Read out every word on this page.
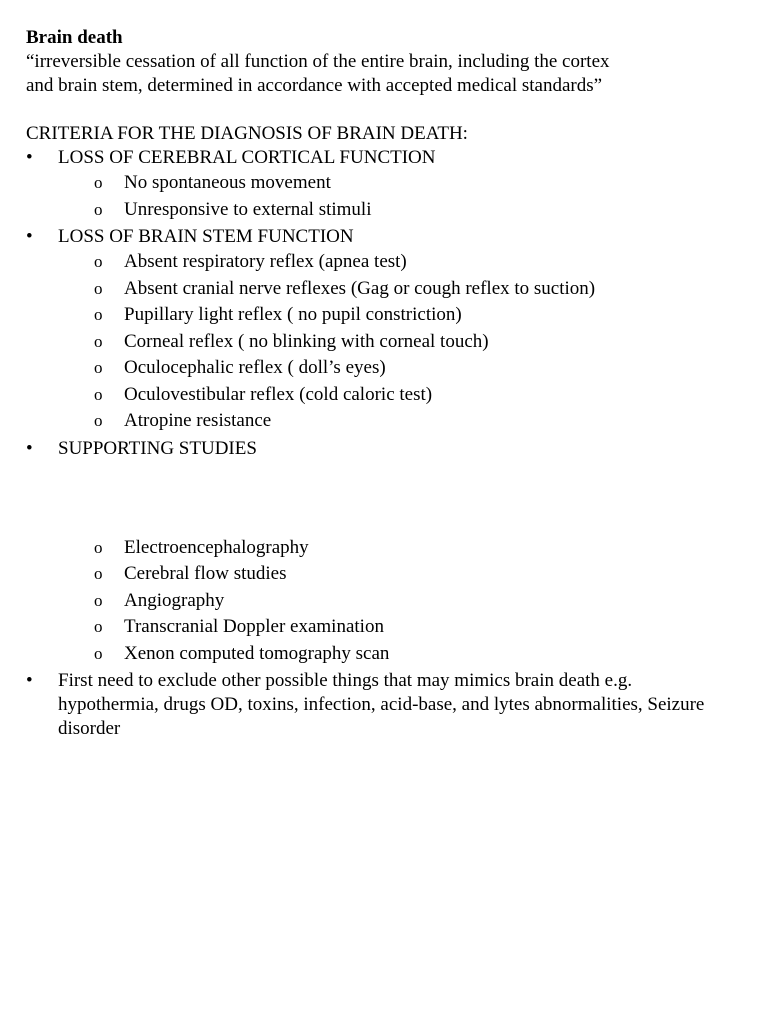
Brain death
“irreversible cessation of all function of the entire brain, including the cortex
and brain stem, determined in accordance with accepted medical standards”
CRITERIA FOR THE DIAGNOSIS OF BRAIN DEATH:
• LOSS OF CEREBRAL CORTICAL FUNCTION
o No spontaneous movement
o Unresponsive to external stimuli
• LOSS OF BRAIN STEM FUNCTION
o Absent respiratory reflex (apnea test)
o Absent cranial nerve reflexes (Gag or cough reflex to suction)
o Pupillary light reflex ( no pupil constriction)
o Corneal reflex ( no blinking with corneal touch)
o Oculocephalic reflex ( doll’s eyes)
o Oculovestibular reflex (cold caloric test)
o Atropine resistance
• SUPPORTING STUDIES
o Electroencephalography
o Cerebral flow studies
o Angiography
o Transcranial Doppler examination
o Xenon computed tomography scan
• First need to exclude other possible things that may mimics brain death e.g. hypothermia, drugs OD, toxins, infection, acid-base, and lytes abnormalities, Seizure disorder
